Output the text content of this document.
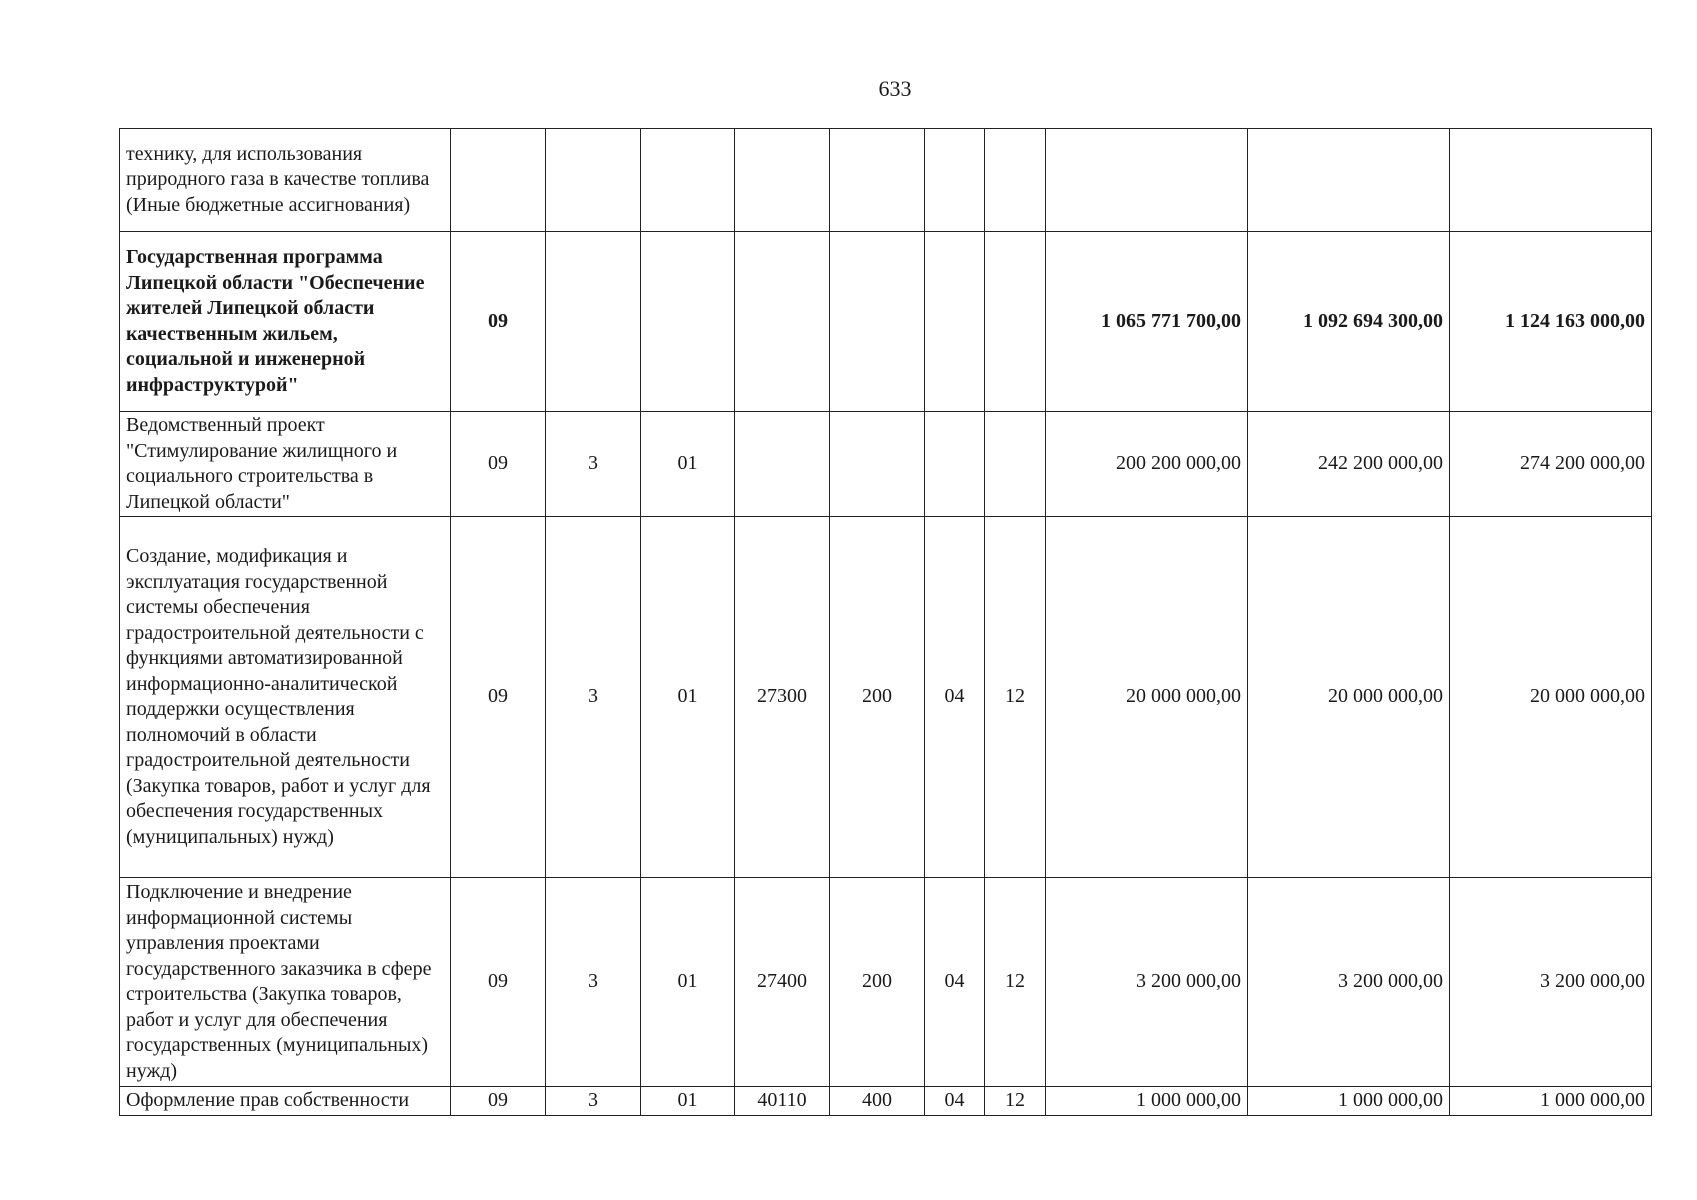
633
технику, для использования природного газа в качестве топлива (Иные бюджетные ассигнования)										
Государственная программа Липецкой области "Обеспечение жителей Липецкой области качественным жильем, социальной и инженерной инфраструктурой"	09							1 065 771 700,00	1 092 694 300,00	1 124 163 000,00
Ведомственный проект "Стимулирование жилищного и социального строительства в Липецкой области"	09	3	01					200 200 000,00	242 200 000,00	274 200 000,00
Создание, модификация и эксплуатация государственной системы обеспечения градостроительной деятельности с функциями автоматизированной информационно-аналитической поддержки осуществления полномочий в области градостроительной деятельности (Закупка товаров, работ и услуг для обеспечения государственных (муниципальных) нужд)	09	3	01	27300	200	04	12	20 000 000,00	20 000 000,00	20 000 000,00
Подключение и внедрение информационной системы управления проектами государственного заказчика в сфере строительства (Закупка товаров, работ и услуг для обеспечения государственных (муниципальных) нужд)	09	3	01	27400	200	04	12	3 200 000,00	3 200 000,00	3 200 000,00
Оформление прав собственности	09	3	01	40110	400	04	12	1 000 000,00	1 000 000,00	1 000 000,00
